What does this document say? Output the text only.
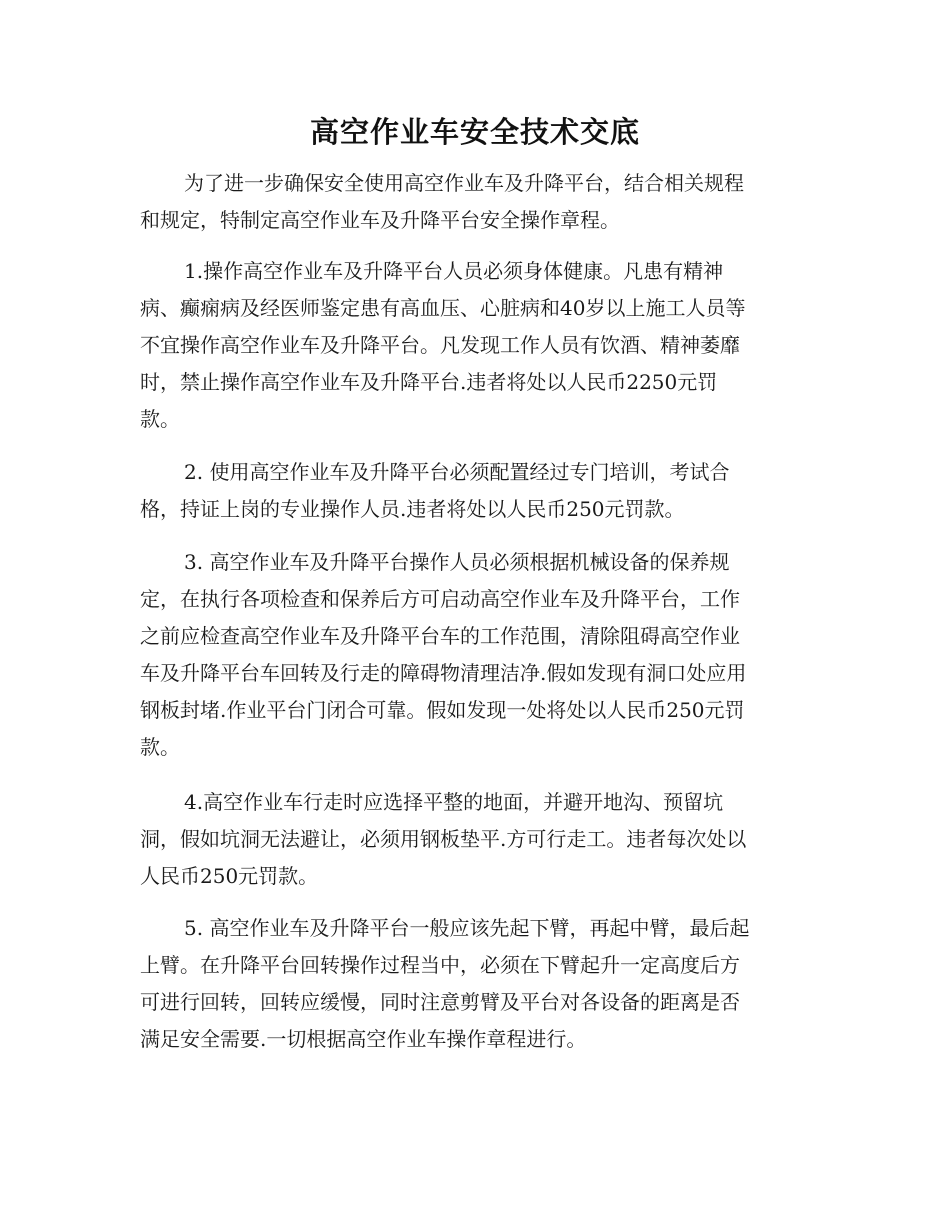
高空作业车安全技术交底

为了进一步确保安全使用高空作业车及升降平台，结合相关规程
和规定，特制定高空作业车及升降平台安全操作章程。

1.操作高空作业车及升降平台人员必须身体健康。凡患有精神
病、癫痫病及经医师鉴定患有高血压、心脏病和40岁以上施工人员等
不宜操作高空作业车及升降平台。凡发现工作人员有饮酒、精神萎靡
时，禁止操作高空作业车及升降平台.违者将处以人民币2250元罚
款。

2. 使用高空作业车及升降平台必须配置经过专门培训，考试合
格，持证上岗的专业操作人员.违者将处以人民币250元罚款。

3. 高空作业车及升降平台操作人员必须根据机械设备的保养规
定，在执行各项检查和保养后方可启动高空作业车及升降平台，工作
之前应检查高空作业车及升降平台车的工作范围，清除阻碍高空作业
车及升降平台车回转及行走的障碍物清理洁净.假如发现有洞口处应用
钢板封堵.作业平台门闭合可靠。假如发现一处将处以人民币250元罚
款。

4.高空作业车行走时应选择平整的地面，并避开地沟、预留坑
洞，假如坑洞无法避让，必须用钢板垫平.方可行走工。违者每次处以
人民币250元罚款。

5. 高空作业车及升降平台一般应该先起下臂，再起中臂，最后起
上臂。在升降平台回转操作过程当中，必须在下臂起升一定高度后方
可进行回转，回转应缓慢，同时注意剪臂及平台对各设备的距离是否
满足安全需要.一切根据高空作业车操作章程进行。
